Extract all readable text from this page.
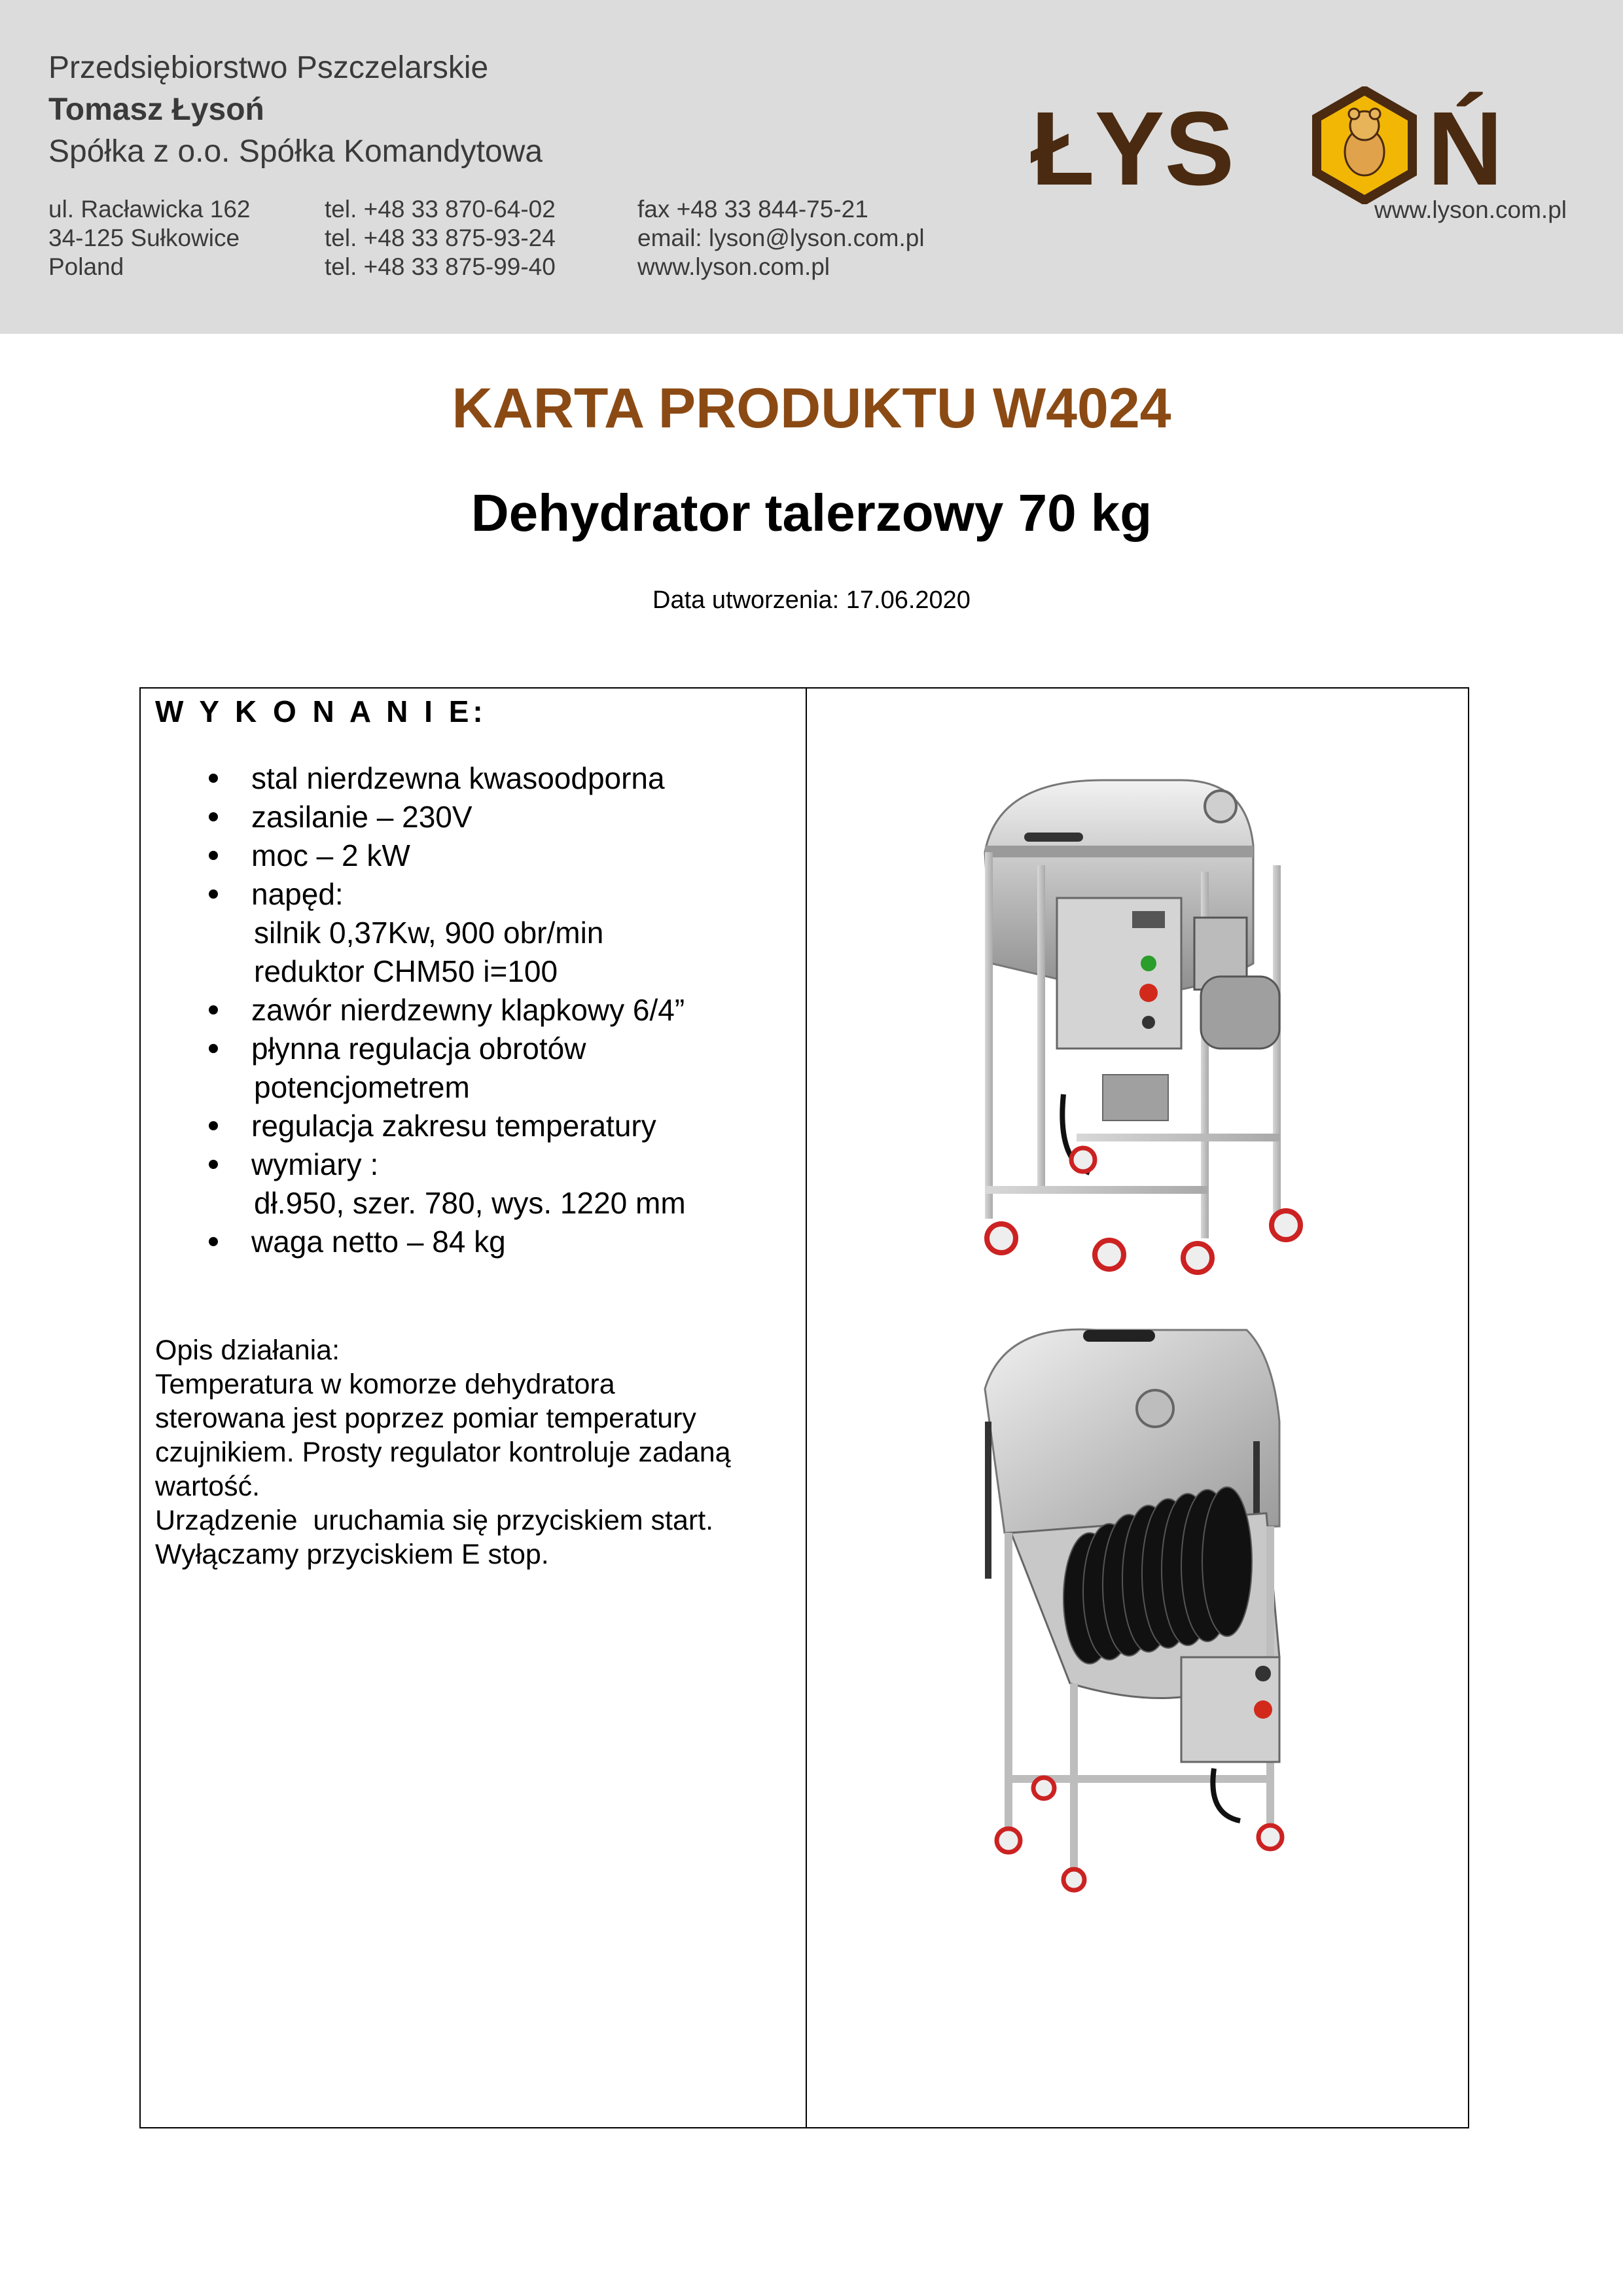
Przedsiębiorstwo Pszczelarskie
Tomasz Łysoń
Spółka z o.o. Spółka Komandytowa
ul. Racławicka 162
34-125 Sułkowice
Poland
tel. +48 33 870-64-02
tel. +48 33 875-93-24
tel. +48 33 875-99-40
fax +48 33 844-75-21
email: lyson@lyson.com.pl
www.lyson.com.pl
ŁYS Ń
www.lyson.com.pl
KARTA PRODUKTU W4024
Dehydrator talerzowy 70 kg
Data utworzenia: 17.06.2020
W Y K O N A N I E:
stal nierdzewna kwasoodporna
zasilanie – 230V
moc – 2 kW
napęd:
silnik 0,37Kw, 900 obr/min
reduktor CHM50 i=100
zawór nierdzewny klapkowy 6/4”
płynna regulacja obrotów
potencjometrem
regulacja zakresu temperatury
wymiary :
dł.950, szer. 780, wys. 1220 mm
waga netto – 84 kg
Opis działania:
Temperatura w komorze dehydratora
sterowana jest poprzez pomiar temperatury
czujnikiem. Prosty regulator kontroluje zadaną
wartość.
Urządzenie  uruchamia się przyciskiem start.
Wyłączamy przyciskiem E stop.
